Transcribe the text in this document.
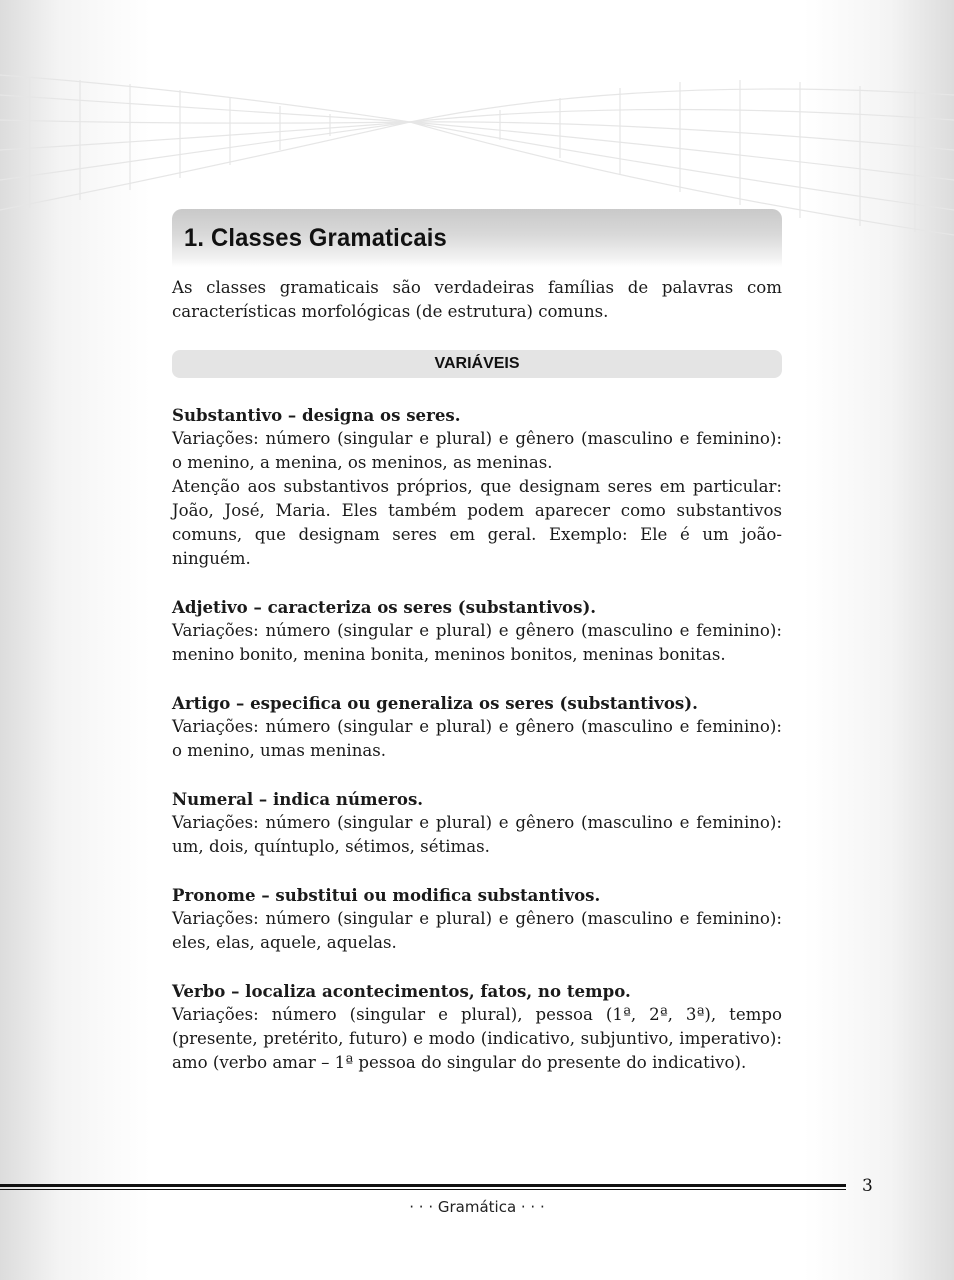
1. Classes Gramaticais

As classes gramaticais são verdadeiras famílias de palavras com características morfológicas (de estrutura) comuns.

VARIÁVEIS

Substantivo – designa os seres.

Variações: número (singular e plural) e gênero (masculino e feminino): o menino, a menina, os meninos, as meninas.

Atenção aos substantivos próprios, que designam seres em particular: João, José, Maria. Eles também podem aparecer como substantivos comuns, que designam seres em geral. Exemplo: Ele é um joão-ninguém.

Adjetivo – caracteriza os seres (substantivos).

Variações: número (singular e plural) e gênero (masculino e feminino): menino bonito, menina bonita, meninos bonitos, meninas bonitas.

Artigo – especifica ou generaliza os seres (substantivos).

Variações: número (singular e plural) e gênero (masculino e feminino): o menino, umas meninas.

Numeral – indica números.

Variações: número (singular e plural) e gênero (masculino e feminino): um, dois, quíntuplo, sétimos, sétimas.

Pronome – substitui ou modifica substantivos.

Variações: número (singular e plural) e gênero (masculino e feminino): eles, elas, aquele, aquelas.

Verbo – localiza acontecimentos, fatos, no tempo.

Variações: número (singular e plural), pessoa (1ª, 2ª, 3ª), tempo (presente, pretérito, futuro) e modo (indicativo, subjuntivo, imperativo): amo (verbo amar – 1ª pessoa do singular do presente do indicativo).

3
· · · Gramática · · ·
